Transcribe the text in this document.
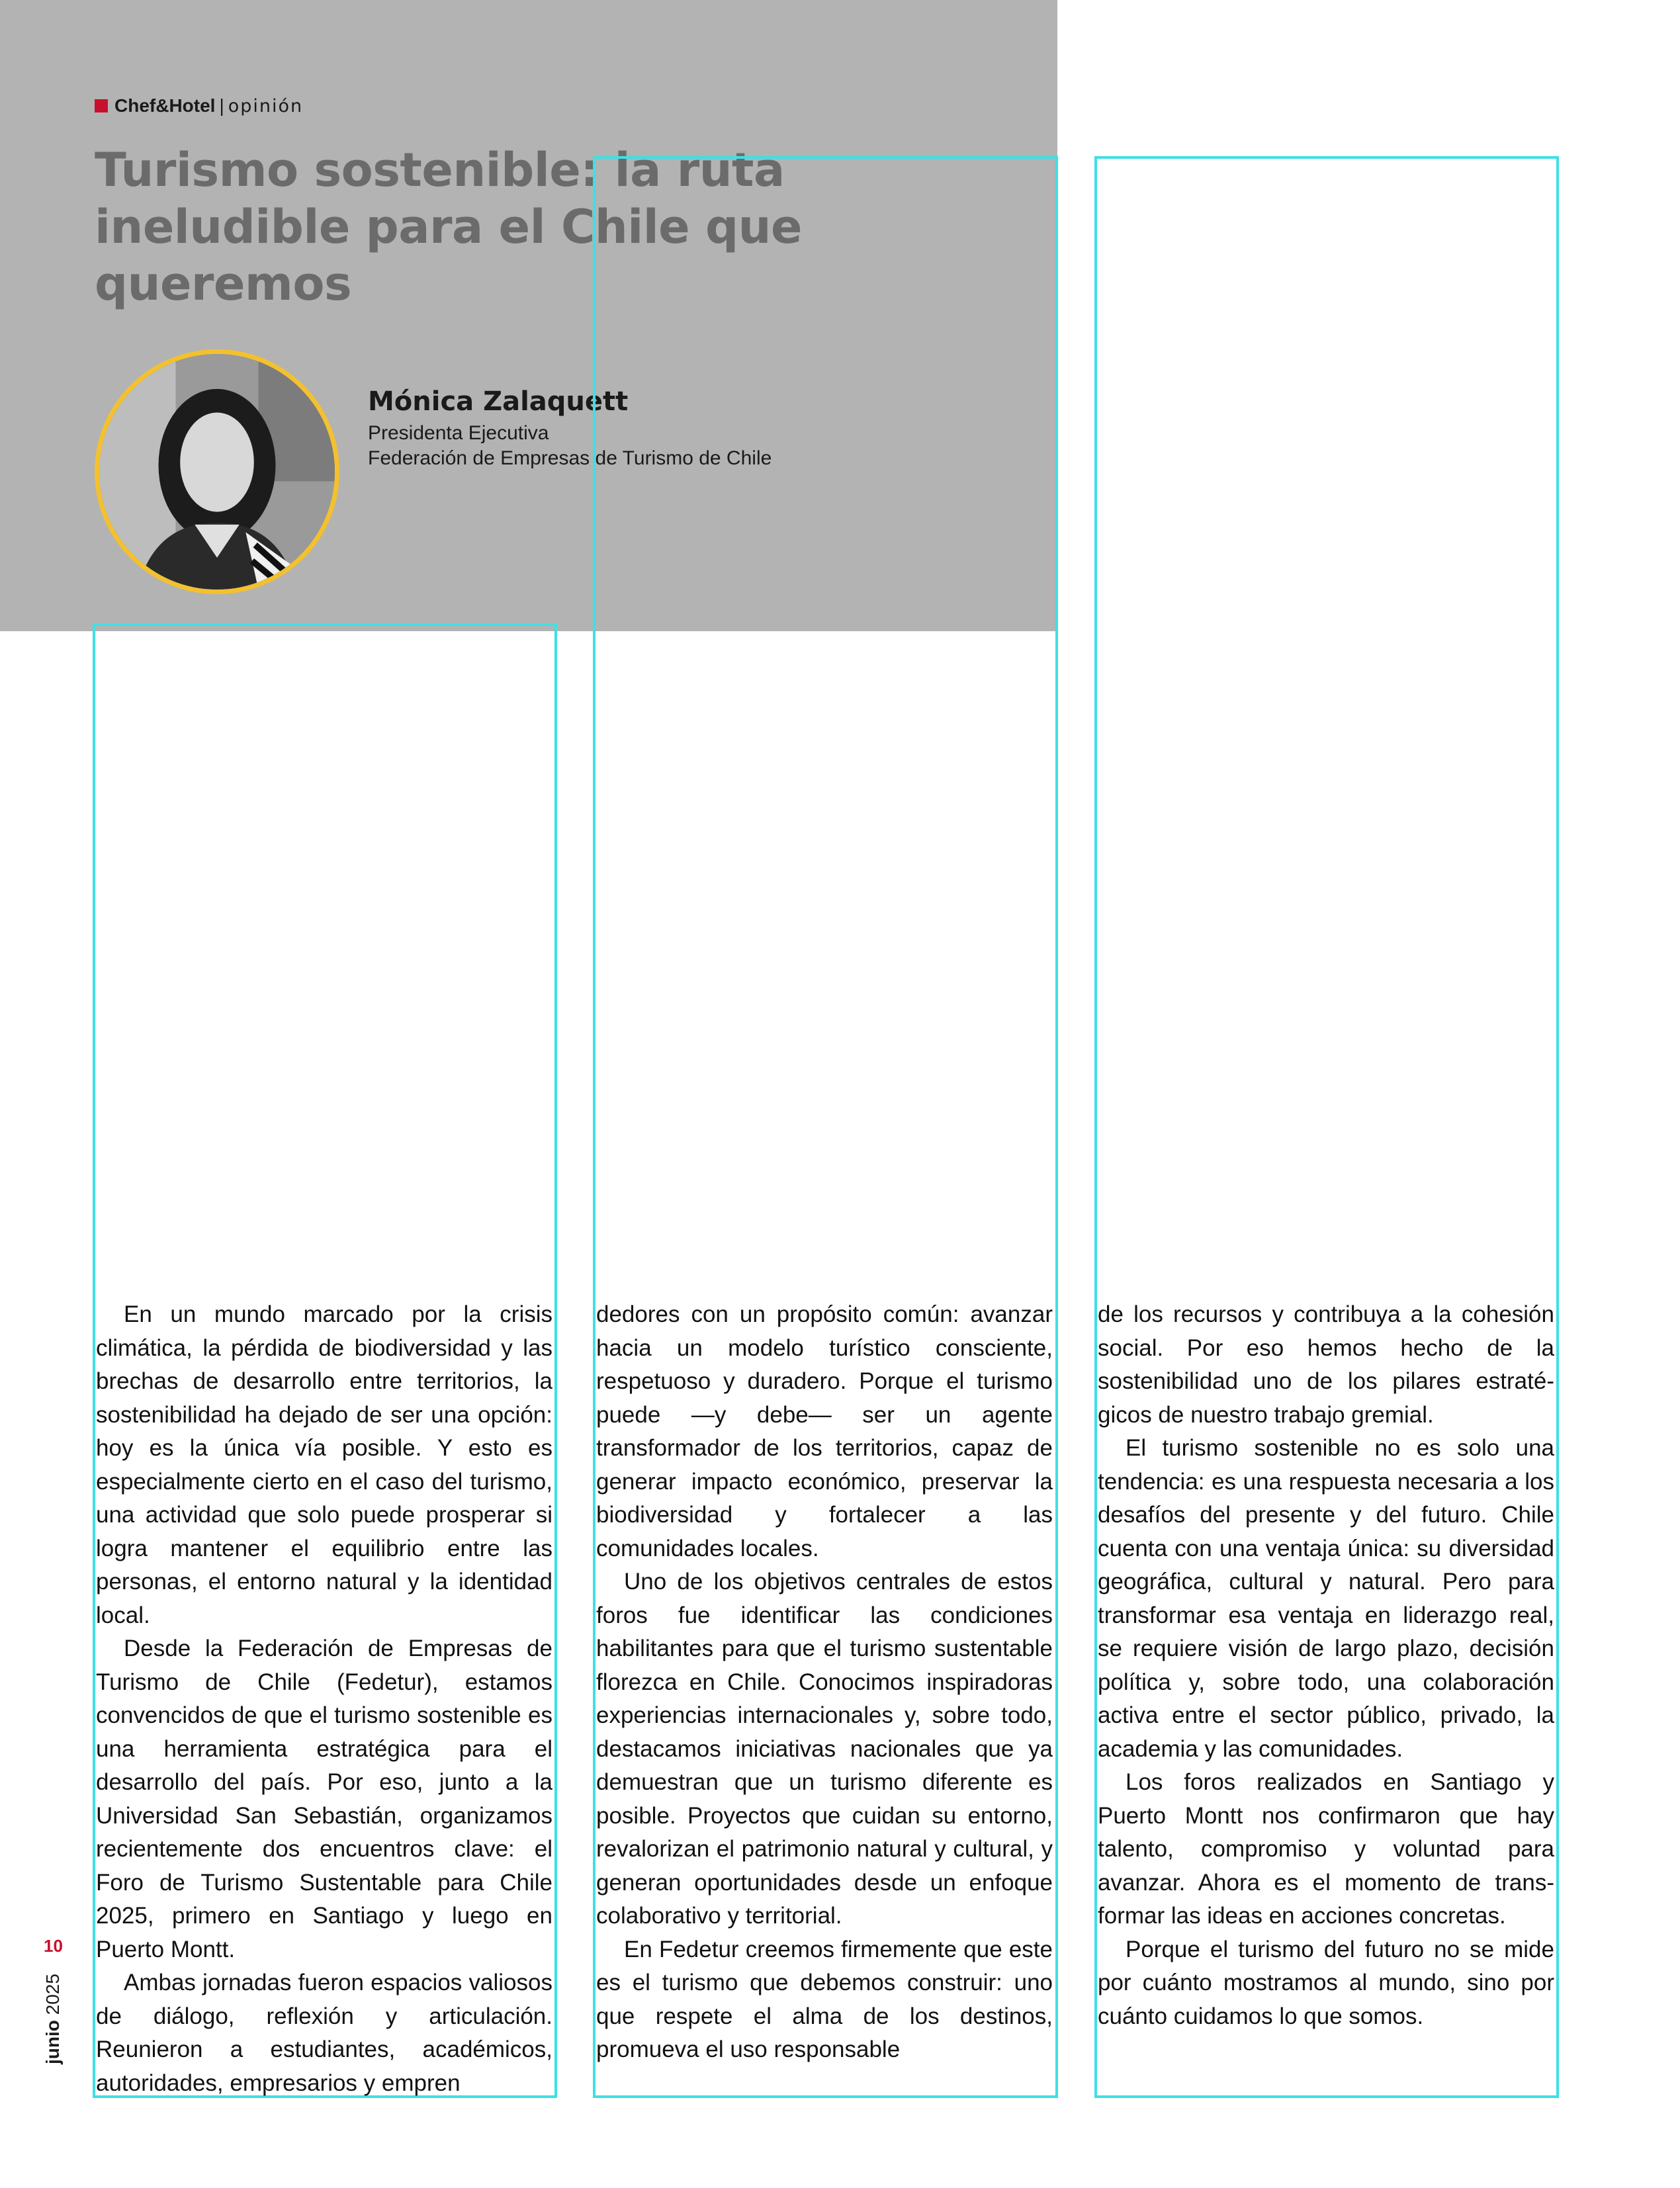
Chef&Hotel | opinión
Turismo sostenible: la ruta ineludible para el Chile que queremos
Mónica Zalaquett
Presidenta Ejecutiva
Federación de Empresas de Turismo de Chile

En un mundo marcado por la crisis climática, la pérdida de biodiversidad y las brechas de desarrollo entre territorios, la sostenibilidad ha dejado de ser una opción: hoy es la única vía posible. Y esto es especialmente cierto en el caso del turismo, una actividad que solo puede prosperar si logra mantener el equilibrio entre las personas, el entorno natural y la identidad local.

Desde la Federación de Empresas de Turismo de Chile (Fedetur), estamos convencidos de que el turismo sostenible es una herramienta estratégica para el desarrollo del país. Por eso, junto a la Universidad San Sebastián, organizamos recientemente dos encuentros clave: el Foro de Turismo Sustentable para Chile 2025, primero en Santiago y luego en Puerto Montt.

Ambas jornadas fueron espacios valiosos de diálogo, reflexión y articulación. Reunieron a estudiantes, académicos, autoridades, empresarios y empren

dedores con un propósito común: avanzar hacia un modelo turístico consciente, respetuoso y duradero. Porque el turismo puede —y debe— ser un agente transformador de los territorios, capaz de generar impacto económico, preservar la biodiversidad y fortalecer a las comunidades locales.

Uno de los objetivos centrales de estos foros fue identificar las condiciones habilitantes para que el turismo sustentable florezca en Chile. Conocimos inspiradoras experiencias internacionales y, sobre todo, destacamos iniciativas nacionales que ya demuestran que un turismo diferente es posible. Proyectos que cuidan su entorno, revalorizan el patrimonio natural y cultural, y generan oportunidades desde un enfoque colaborativo y territorial.

En Fedetur creemos firmemente que este es el turismo que debemos construir: uno que respete el alma de los destinos, promueva el uso responsable

de los recursos y contribuya a la cohesión social. Por eso hemos hecho de la sostenibilidad uno de los pilares estratégicos de nuestro trabajo gremial.

El turismo sostenible no es solo una tendencia: es una respuesta necesaria a los desafíos del presente y del futuro. Chile cuenta con una ventaja única: su diversidad geográfica, cultural y natural. Pero para transformar esa ventaja en liderazgo real, se requiere visión de largo plazo, decisión política y, sobre todo, una colaboración activa entre el sector público, privado, la academia y las comunidades.

Los foros realizados en Santiago y Puerto Montt nos confirmaron que hay talento, compromiso y voluntad para avanzar. Ahora es el momento de transformar las ideas en acciones concretas.

Porque el turismo del futuro no se mide por cuánto mostramos al mundo, sino por cuánto cuidamos lo que somos.

10
junio 2025
